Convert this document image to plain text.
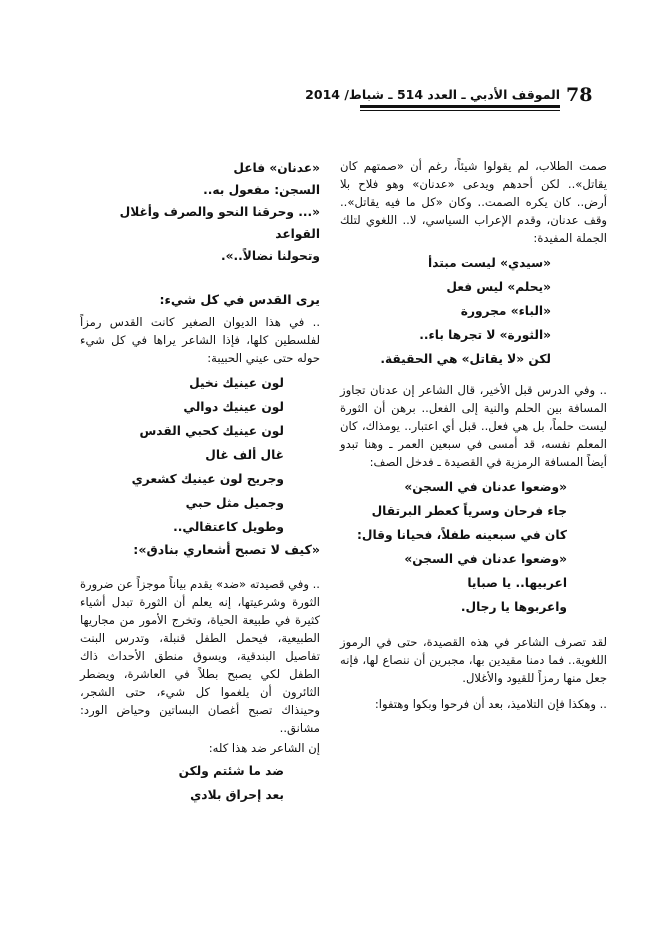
78
الموقف الأدبي ـ العدد 514 ـ شباط/ 2014

صمت الطلاب، لم يقولوا شيئاً، رغم أن «صمتهم كان يقاتل».. لكن أحدهم ويدعى «عدنان» وهو فلاح بلا أرض.. كان يكره الصمت.. وكان «كل ما فيه يقاتل».. وقف عدنان، وقدم الإعراب السياسي، لا.. اللغوي لتلك الجملة المفيدة:

«سيدي» ليست مبتدأ

«يحلم» ليس فعل

«الباء» مجرورة

«الثورة» لا تجرها باء..

لكن «لا يقاتل» هي الحقيقة.

.. وفي الدرس قبل الأخير، قال الشاعر إن عدنان تجاوز المسافة بين الحلم والنية إلى الفعل.. برهن أن الثورة ليست حلماً، بل هي فعل.. قبل أي اعتبار.. يومذاك، كان المعلم نفسه، قد أمسى في سبعين العمر ـ وهنا تبدو أيضاً المسافة الرمزية في القصيدة ـ فدخل الصف:

«وضعوا عدنان في السجن»

جاء فرحان وسرياً كعطر البرتقال

كان في سبعينه طفلاً، فحيانا وقال:

«وضعوا عدنان في السجن»

اعربيها.. يا صبايا

واعربوها يا رجال.

لقد تصرف الشاعر في هذه القصيدة، حتى في الرموز اللغوية.. فما دمنا مقيدين بها، مجبرين أن ننصاع لها، فإنه جعل منها رمزاً للقيود والأغلال.

.. وهكذا فإن التلاميذ، بعد أن فرحوا وبكوا وهتفوا:

«عدنان» فاعل

السجن: مفعول به..

«... وحرقنا النحو والصرف وأغلال القواعد

وتحولنا نضالاً..».

يرى القدس في كل شيء:

.. في هذا الديوان الصغير كانت القدس رمزاً لفلسطين كلها، فإذا الشاعر يراها في كل شيء حوله حتى عيني الحبيبة:

لون عينيك نخيل

لون عينيك دوالي

لون عينيك كحبي القدس

غال ألف غال

وجريح لون عينيك كشعري

وجميل مثل حبي

وطويل كاعتقالي..

«كيف لا تصبح أشعاري بنادق»:

.. وفي قصيدته «ضد» يقدم بياناً موجزاً عن ضرورة الثورة وشرعيتها، إنه يعلم أن الثورة تبدل أشياء كثيرة في طبيعة الحياة، وتخرج الأمور من مجاريها الطبيعية، فيحمل الطفل قنبلة، وتدرس البنت تفاصيل البندقية، ويسوق منطق الأحداث ذاك الطفل لكي يصبح بطلاً في العاشرة، ويضطر الثائرون أن يلغموا كل شيء، حتى الشجر، وحينذاك تصبح أغصان البساتين وحياض الورد: مشانق..

إن الشاعر ضد هذا كله:

ضد ما شئتم ولكن

بعد إحراق بلادي
